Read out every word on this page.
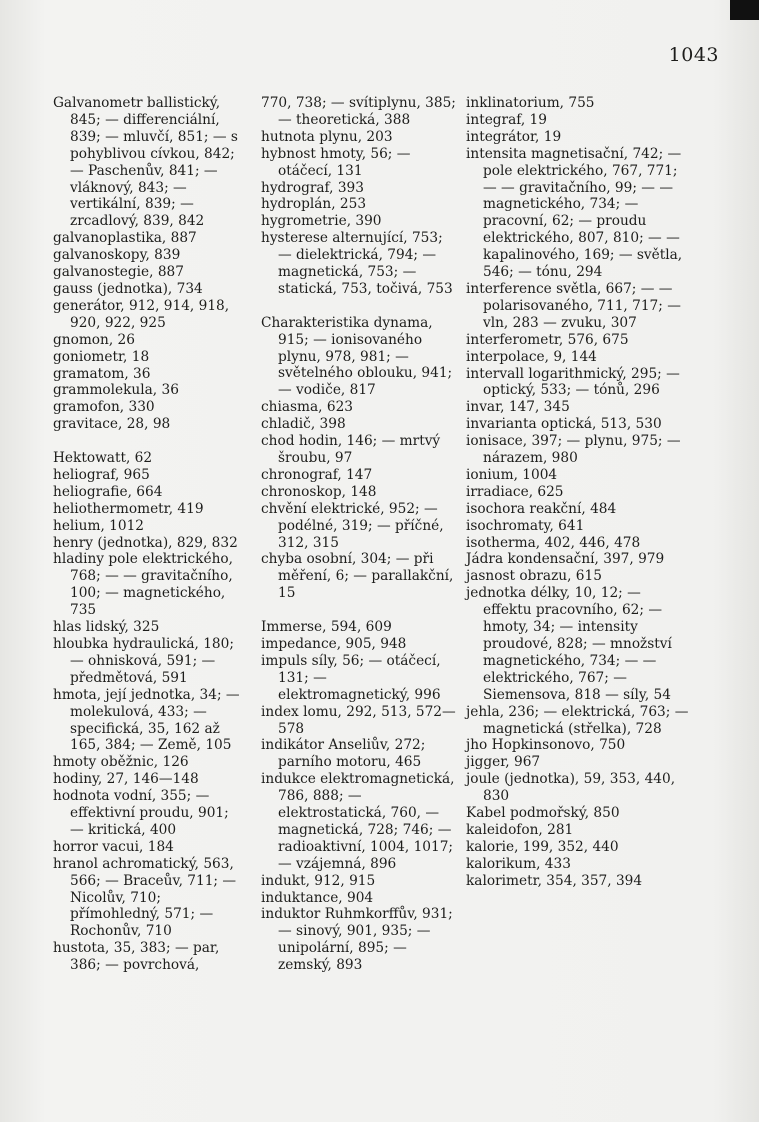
1043

Galvanometr ballistický, 845; — differenciální, 839; — mluvčí, 851; — s pohyblivou cívkou, 842; — Paschenův, 841; — vláknový, 843; — vertikální, 839; — zrcadlový, 839, 842

galvanoplastika, 887

galvanoskopy, 839

galvanostegie, 887

gauss (jednotka), 734

generátor, 912, 914, 918, 920, 922, 925

gnomon, 26

goniometr, 18

gramatom, 36

grammolekula, 36

gramofon, 330

gravitace, 28, 98

Hektowatt, 62

heliograf, 965

heliografie, 664

heliothermometr, 419

helium, 1012

henry (jednotka), 829, 832

hladiny pole elektrického, 768; — — gravitačního, 100; — magnetického, 735

hlas lidský, 325

hloubka hydraulická, 180; — ohnisková, 591; — předmětová, 591

hmota, její jednotka, 34; — molekulová, 433; — specifická, 35, 162 až 165, 384; — Země, 105

hmoty oběžnic, 126

hodiny, 27, 146—148

hodnota vodní, 355; — effektivní proudu, 901; — kritická, 400

horror vacui, 184

hranol achromatický, 563, 566; — Braceův, 711; — Nicolův, 710; přímohledný, 571; — Rochonův, 710

hustota, 35, 383; — par, 386; — povrchová,

770, 738; — svítiplynu, 385; — theoretická, 388

hutnota plynu, 203

hybnost hmoty, 56; — otáčecí, 131

hydrograf, 393

hydroplán, 253

hygrometrie, 390

hysterese alternující, 753; — dielektrická, 794; — magnetická, 753; — statická, 753, točivá, 753

Charakteristika dynama, 915; — ionisovaného plynu, 978, 981; — světelného oblouku, 941; — vodiče, 817

chiasma, 623

chladič, 398

chod hodin, 146; — mrtvý šroubu, 97

chronograf, 147

chronoskop, 148

chvění elektrické, 952; — podélné, 319; — příčné, 312, 315

chyba osobní, 304; — při měření, 6; — parallakční, 15

Immerse, 594, 609

impedance, 905, 948

impuls síly, 56; — otáčecí, 131; — elektromagnetický, 996

index lomu, 292, 513, 572—578

indikátor Anseliův, 272; parního motoru, 465

indukce elektromagnetická, 786, 888; — elektrostatická, 760, — magnetická, 728; 746; — radioaktivní, 1004, 1017; — vzájemná, 896

indukt, 912, 915

induktance, 904

induktor Ruhmkorffův, 931; — sinový, 901, 935; — unipolární, 895; — zemský, 893

inklinatorium, 755

integraf, 19

integrátor, 19

intensita magnetisační, 742; — pole elektrického, 767, 771; — — gravitačního, 99; — — magnetického, 734; — pracovní, 62; — proudu elektrického, 807, 810; — — kapalinového, 169; — světla, 546; — tónu, 294

interference světla, 667; — — polarisovaného, 711, 717; — vln, 283 — zvuku, 307

interferometr, 576, 675

interpolace, 9, 144

intervall logarithmický, 295; — optický, 533; — tónů, 296

invar, 147, 345

invarianta optická, 513, 530

ionisace, 397; — plynu, 975; — nárazem, 980

ionium, 1004

irradiace, 625

isochora reakční, 484

isochromaty, 641

isotherma, 402, 446, 478

Jádra kondensační, 397, 979

jasnost obrazu, 615

jednotka délky, 10, 12; — effektu pracovního, 62; — hmoty, 34; — intensity proudové, 828; — množství magnetického, 734; — — elektrického, 767; — Siemensova, 818 — síly, 54

jehla, 236; — elektrická, 763; — magnetická (střelka), 728

jho Hopkinsonovo, 750

jigger, 967

joule (jednotka), 59, 353, 440, 830

Kabel podmořský, 850

kaleidofon, 281

kalorie, 199, 352, 440

kalorikum, 433

kalorimetr, 354, 357, 394
